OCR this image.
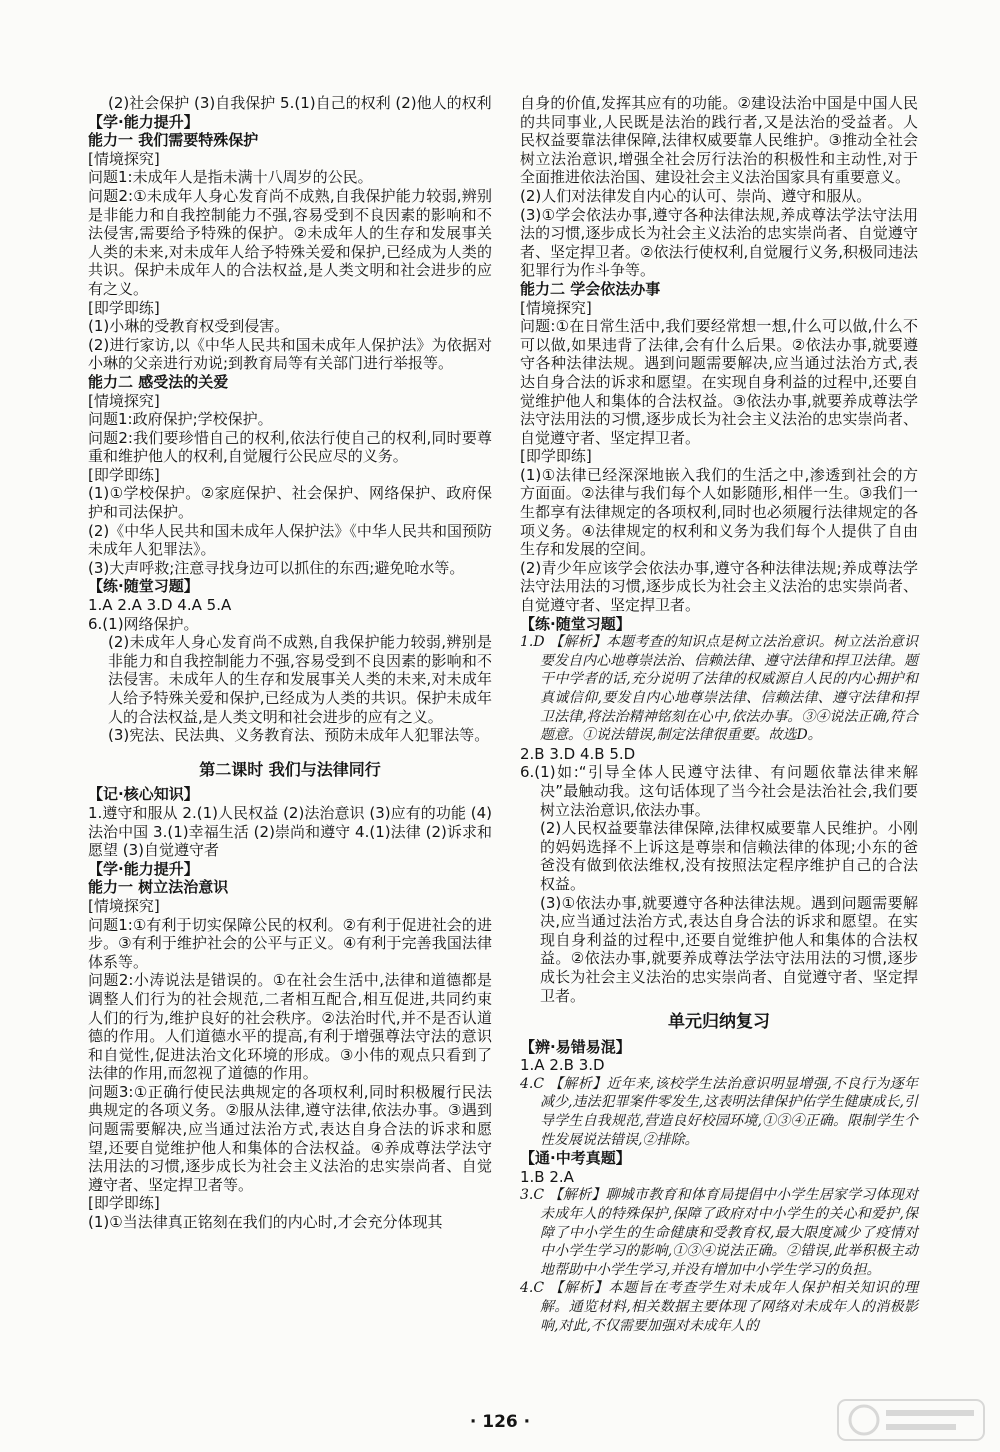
(2)社会保护 (3)自我保护 5.(1)自己的权利 (2)他人的权利

【学·能力提升】

能力一 我们需要特殊保护

[情境探究]

问题1:未成年人是指未满十八周岁的公民。

问题2:①未成年人身心发育尚不成熟,自我保护能力较弱,辨别是非能力和自我控制能力不强,容易受到不良因素的影响和不法侵害,需要给予特殊的保护。②未成年人的生存和发展事关人类的未来,对未成年人给予特殊关爱和保护,已经成为人类的共识。保护未成年人的合法权益,是人类文明和社会进步的应有之义。

[即学即练]

(1)小琳的受教育权受到侵害。

(2)进行家访,以《中华人民共和国未成年人保护法》为依据对小琳的父亲进行劝说;到教育局等有关部门进行举报等。

能力二 感受法的关爱

[情境探究]

问题1:政府保护;学校保护。

问题2:我们要珍惜自己的权利,依法行使自己的权利,同时要尊重和维护他人的权利,自觉履行公民应尽的义务。

[即学即练]

(1)①学校保护。②家庭保护、社会保护、网络保护、政府保护和司法保护。

(2)《中华人民共和国未成年人保护法》《中华人民共和国预防未成年人犯罪法》。

(3)大声呼救;注意寻找身边可以抓住的东西;避免呛水等。

【练·随堂习题】

1.A 2.A 3.D 4.A 5.A

6.(1)网络保护。

(2)未成年人身心发育尚不成熟,自我保护能力较弱,辨别是非能力和自我控制能力不强,容易受到不良因素的影响和不法侵害。未成年人的生存和发展事关人类的未来,对未成年人给予特殊关爱和保护,已经成为人类的共识。保护未成年人的合法权益,是人类文明和社会进步的应有之义。

(3)宪法、民法典、义务教育法、预防未成年人犯罪法等。

第二课时 我们与法律同行

【记·核心知识】

1.遵守和服从 2.(1)人民权益 (2)法治意识 (3)应有的功能 (4)法治中国 3.(1)幸福生活 (2)崇尚和遵守 4.(1)法律 (2)诉求和愿望 (3)自觉遵守者

【学·能力提升】

能力一 树立法治意识

[情境探究]

问题1:①有利于切实保障公民的权利。②有利于促进社会的进步。③有利于维护社会的公平与正义。④有利于完善我国法律体系等。

问题2:小涛说法是错误的。①在社会生活中,法律和道德都是调整人们行为的社会规范,二者相互配合,相互促进,共同约束人们的行为,维护良好的社会秩序。②法治时代,并不是否认道德的作用。人们道德水平的提高,有利于增强尊法守法的意识和自觉性,促进法治文化环境的形成。③小伟的观点只看到了法律的作用,而忽视了道德的作用。

问题3:①正确行使民法典规定的各项权利,同时积极履行民法典规定的各项义务。②服从法律,遵守法律,依法办事。③遇到问题需要解决,应当通过法治方式,表达自身合法的诉求和愿望,还要自觉维护他人和集体的合法权益。④养成尊法学法守法用法的习惯,逐步成长为社会主义法治的忠实崇尚者、自觉遵守者、坚定捍卫者等。

[即学即练]

(1)①当法律真正铭刻在我们的内心时,才会充分体现其

自身的价值,发挥其应有的功能。②建设法治中国是中国人民的共同事业,人民既是法治的践行者,又是法治的受益者。人民权益要靠法律保障,法律权威要靠人民维护。③推动全社会树立法治意识,增强全社会厉行法治的积极性和主动性,对于全面推进依法治国、建设社会主义法治国家具有重要意义。

(2)人们对法律发自内心的认可、崇尚、遵守和服从。

(3)①学会依法办事,遵守各种法律法规,养成尊法学法守法用法的习惯,逐步成长为社会主义法治的忠实崇尚者、自觉遵守者、坚定捍卫者。②依法行使权利,自觉履行义务,积极同违法犯罪行为作斗争等。

能力二 学会依法办事

[情境探究]

问题:①在日常生活中,我们要经常想一想,什么可以做,什么不可以做,如果违背了法律,会有什么后果。②依法办事,就要遵守各种法律法规。遇到问题需要解决,应当通过法治方式,表达自身合法的诉求和愿望。在实现自身利益的过程中,还要自觉维护他人和集体的合法权益。③依法办事,就要养成尊法学法守法用法的习惯,逐步成长为社会主义法治的忠实崇尚者、自觉遵守者、坚定捍卫者。

[即学即练]

(1)①法律已经深深地嵌入我们的生活之中,渗透到社会的方方面面。②法律与我们每个人如影随形,相伴一生。③我们一生都享有法律规定的各项权利,同时也必须履行法律规定的各项义务。④法律规定的权利和义务为我们每个人提供了自由生存和发展的空间。

(2)青少年应该学会依法办事,遵守各种法律法规;养成尊法学法守法用法的习惯,逐步成长为社会主义法治的忠实崇尚者、自觉遵守者、坚定捍卫者。

【练·随堂习题】

1.D 【解析】本题考查的知识点是树立法治意识。树立法治意识要发自内心地尊崇法治、信赖法律、遵守法律和捍卫法律。题干中学者的话,充分说明了法律的权威源自人民的内心拥护和真诚信仰,要发自内心地尊崇法律、信赖法律、遵守法律和捍卫法律,将法治精神铭刻在心中,依法办事。③④说法正确,符合题意。①说法错误,制定法律很重要。故选D。

2.B 3.D 4.B 5.D

6.(1)如:“引导全体人民遵守法律、有问题依靠法律来解决”最触动我。这句话体现了当今社会是法治社会,我们要树立法治意识,依法办事。

(2)人民权益要靠法律保障,法律权威要靠人民维护。小刚的妈妈选择不上诉这是尊崇和信赖法律的体现;小东的爸爸没有做到依法维权,没有按照法定程序维护自己的合法权益。

(3)①依法办事,就要遵守各种法律法规。遇到问题需要解决,应当通过法治方式,表达自身合法的诉求和愿望。在实现自身利益的过程中,还要自觉维护他人和集体的合法权益。②依法办事,就要养成尊法学法守法用法的习惯,逐步成长为社会主义法治的忠实崇尚者、自觉遵守者、坚定捍卫者。

单元归纳复习

【辨·易错易混】

1.A 2.B 3.D

4.C 【解析】近年来,该校学生法治意识明显增强,不良行为逐年减少,违法犯罪案件零发生,这表明法律保护佑学生健康成长,引导学生自我规范,营造良好校园环境,①③④正确。限制学生个性发展说法错误,②排除。

【通·中考真题】

1.B 2.A

3.C 【解析】聊城市教育和体育局提倡中小学生居家学习体现对未成年人的特殊保护,保障了政府对中小学生的关心和爱护,保障了中小学生的生命健康和受教育权,最大限度减少了疫情对中小学生学习的影响,①③④说法正确。②错误,此举积极主动地帮助中小学生学习,并没有增加中小学生学习的负担。

4.C 【解析】本题旨在考查学生对未成年人保护相关知识的理解。通览材料,相关数据主要体现了网络对未成年人的消极影响,对此,不仅需要加强对未成年人的

· 126 ·
